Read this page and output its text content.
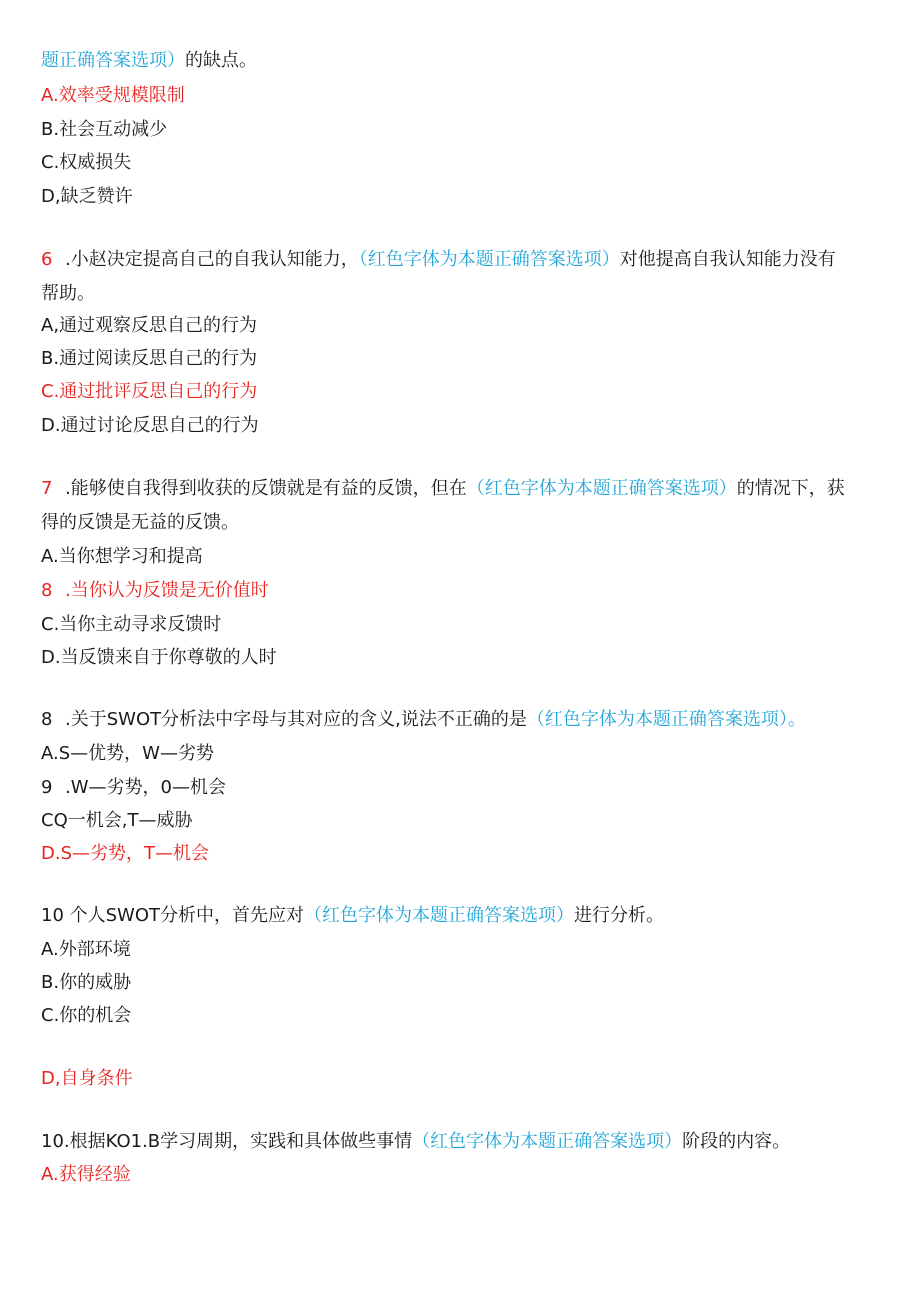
题正确答案选项）的缺点。
A.效率受规模限制
B.社会互动减少
C.权威损失
D,缺乏赞许
6 .小赵决定提高自己的自我认知能力，（红色字体为本题正确答案选项）对他提高自我认知能力没有
帮助。
A,通过观察反思自己的行为
B.通过阅读反思自己的行为
C.通过批评反思自己的行为
D.通过讨论反思自己的行为
7 .能够使自我得到收获的反馈就是有益的反馈，但在（红色字体为本题正确答案选项）的情况下，获
得的反馈是无益的反馈。
A.当你想学习和提高
8 .当你认为反馈是无价值时
C.当你主动寻求反馈时
D.当反馈来自于你尊敬的人时
8 .关于SWOT分析法中字母与其对应的含义,说法不正确的是（红色字体为本题正确答案选项）。
A.S—优势，W—劣势
9 .W—劣势，0—机会
CQ一机会,T—威胁
D.S—劣势，T—机会
10 个人SWOT分析中，首先应对（红色字体为本题正确答案选项）进行分析。
A.外部环境
B.你的威胁
C.你的机会
D,自身条件
10.根据KO1.B学习周期，实践和具体做些事情（红色字体为本题正确答案选项）阶段的内容。
A.获得经验
